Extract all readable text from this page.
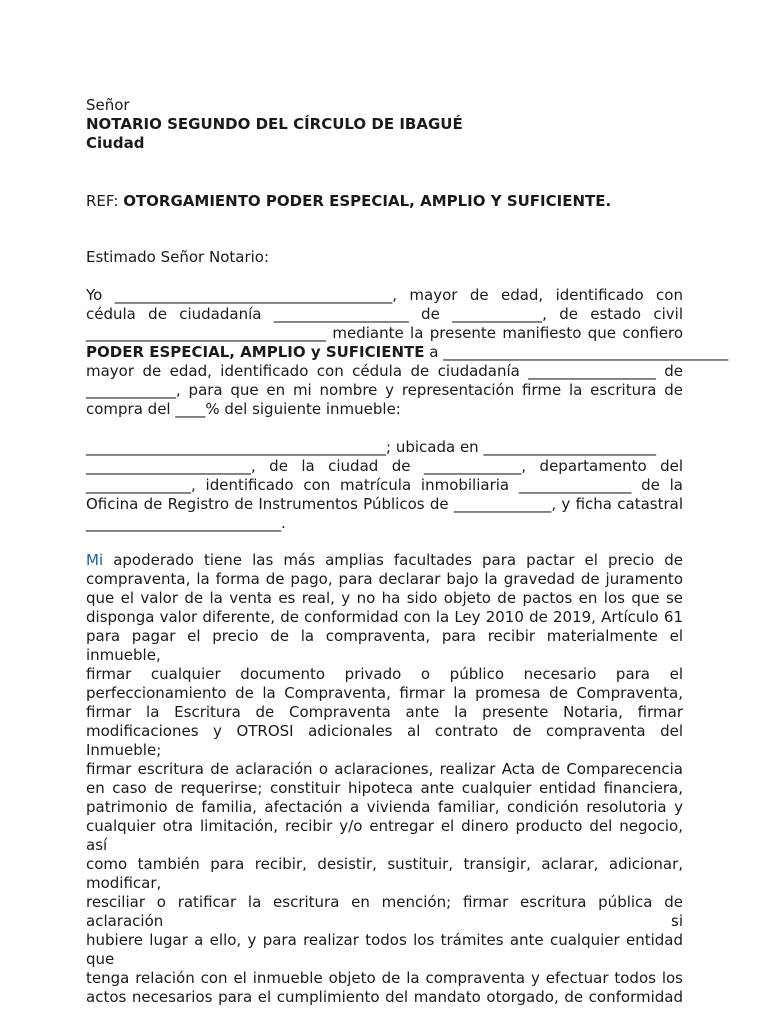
Señor
NOTARIO SEGUNDO DEL CÍRCULO DE IBAGUÉ
Ciudad
REF: OTORGAMIENTO PODER ESPECIAL, AMPLIO Y SUFICIENTE.
Estimado Señor Notario:
Yo _____________________________________, mayor de edad, identificado con
cédula de ciudadanía __________________ de ____________, de estado civil
________________________________ mediante la presente manifiesto que confiero
PODER ESPECIAL, AMPLIO y SUFICIENTE a ______________________________________
mayor de edad, identificado con cédula de ciudadanía _________________ de
____________, para que en mi nombre y representación firme la escritura de
compra del ____% del siguiente inmueble:
________________________________________; ubicada en _______________________
______________________, de la ciudad de _____________, departamento del
______________, identificado con matrícula inmobiliaria _______________ de la
Oficina de Registro de Instrumentos Públicos de _____________, y ficha catastral
__________________________.
Mi apoderado tiene las más amplias facultades para pactar el precio de
compraventa, la forma de pago, para declarar bajo la gravedad de juramento
que el valor de la venta es real, y no ha sido objeto de pactos en los que se
disponga valor diferente, de conformidad con la Ley 2010 de 2019, Artículo 61
para pagar el precio de la compraventa, para recibir materialmente el inmueble,
firmar cualquier documento privado o público necesario para el
perfeccionamiento de la Compraventa, firmar la promesa de Compraventa,
firmar la Escritura de Compraventa ante la presente Notaria, firmar
modificaciones y OTROSI adicionales al contrato de compraventa del Inmueble;
firmar escritura de aclaración o aclaraciones, realizar Acta de Comparecencia
en caso de requerirse; constituir hipoteca ante cualquier entidad financiera,
patrimonio de familia, afectación a vivienda familiar, condición resolutoria y
cualquier otra limitación, recibir y/o entregar el dinero producto del negocio, así
como también para recibir, desistir, sustituir, transigir, aclarar, adicionar, modificar,
resciliar o ratificar la escritura en mención; firmar escritura pública de aclaración si
hubiere lugar a ello, y para realizar todos los trámites ante cualquier entidad que
tenga relación con el inmueble objeto de la compraventa y efectuar todos los
actos necesarios para el cumplimiento del mandato otorgado, de conformidad
